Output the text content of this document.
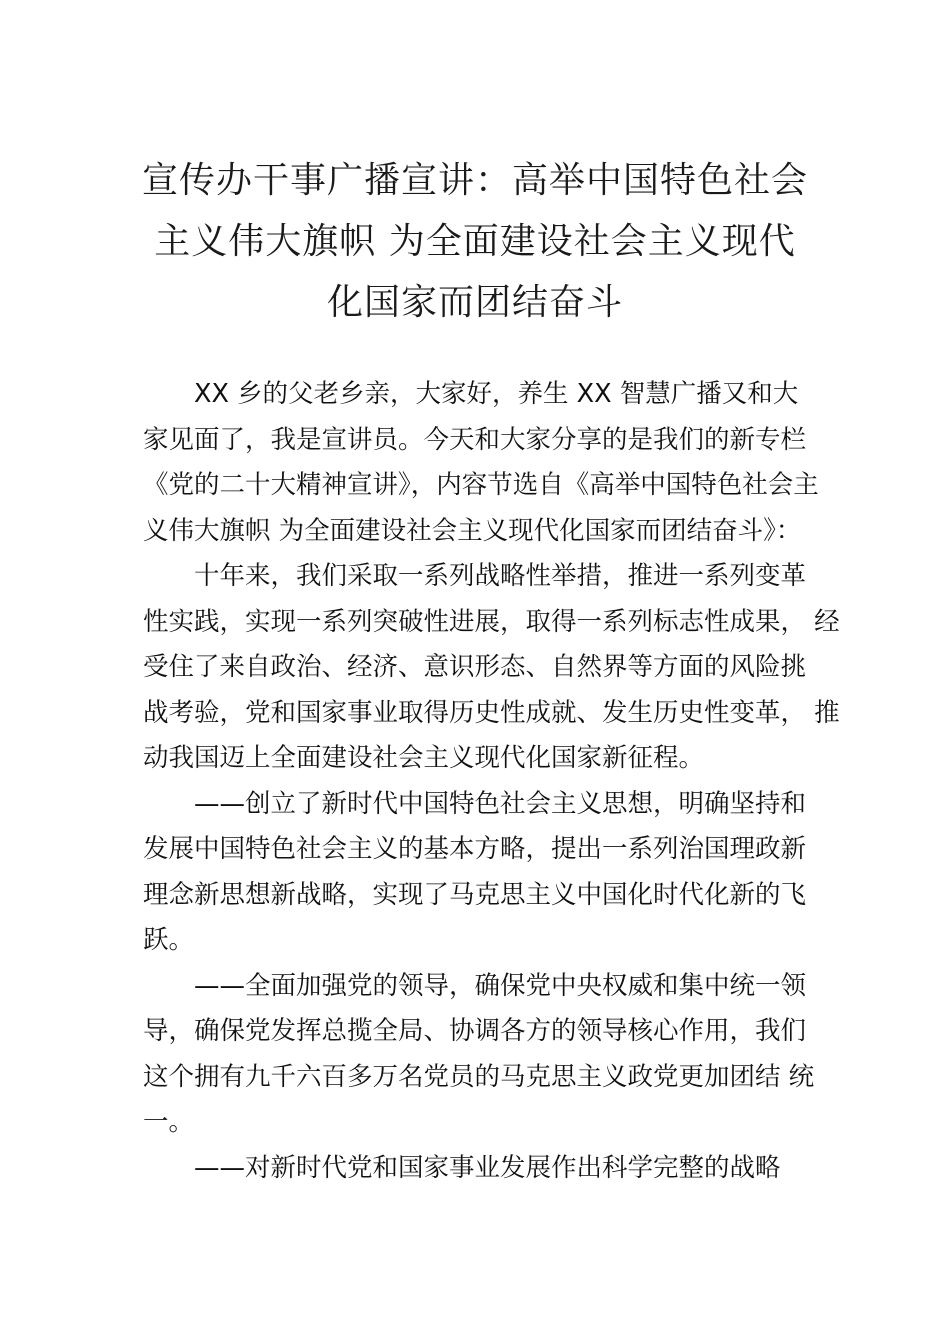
宣传办干事广播宣讲：高举中国特色社会
主义伟大旗帜 为全面建设社会主义现代
化国家而团结奋斗

XX 乡的父老乡亲，大家好，养生 XX 智慧广播又和大
家见面了，我是宣讲员。今天和大家分享的是我们的新专栏
《党的二十大精神宣讲》，内容节选自《高举中国特色社会主
义伟大旗帜 为全面建设社会主义现代化国家而团结奋斗》：

十年来，我们采取一系列战略性举措，推进一系列变革
性实践，实现一系列突破性进展，取得一系列标志性成果， 经
受住了来自政治、经济、意识形态、自然界等方面的风险挑
战考验，党和国家事业取得历史性成就、发生历史性变革， 推
动我国迈上全面建设社会主义现代化国家新征程。

——创立了新时代中国特色社会主义思想，明确坚持和
发展中国特色社会主义的基本方略，提出一系列治国理政新
理念新思想新战略，实现了马克思主义中国化时代化新的飞
跃。

——全面加强党的领导，确保党中央权威和集中统一领
导，确保党发挥总揽全局、协调各方的领导核心作用，我们
这个拥有九千六百多万名党员的马克思主义政党更加团结 统
一。

——对新时代党和国家事业发展作出科学完整的战略
